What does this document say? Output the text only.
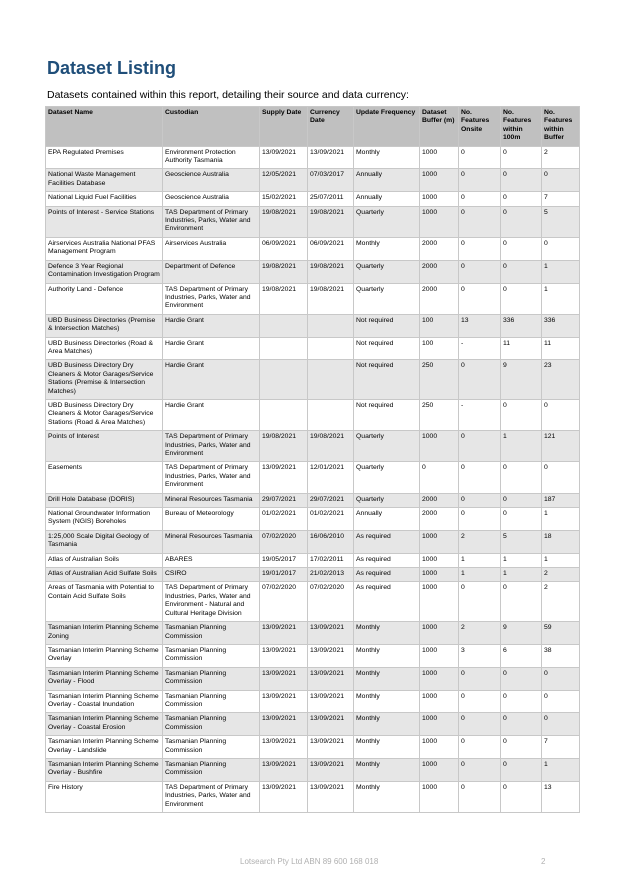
Dataset Listing
Datasets contained within this report, detailing their source and data currency:
Dataset Name	Custodian	Supply Date	Currency Date	Update Frequency	Dataset Buffer (m)	No. Features Onsite	No. Features within 100m	No. Features within Buffer
EPA Regulated Premises	Environment Protection Authority Tasmania	13/09/2021	13/09/2021	Monthly	1000	0	0	2
National Waste Management Facilities Database	Geoscience Australia	12/05/2021	07/03/2017	Annually	1000	0	0	0
National Liquid Fuel Facilities	Geoscience Australia	15/02/2021	25/07/2011	Annually	1000	0	0	7
Points of Interest - Service Stations	TAS Department of Primary Industries, Parks, Water and Environment	19/08/2021	19/08/2021	Quarterly	1000	0	0	5
Airservices Australia National PFAS Management Program	Airservices Australia	06/09/2021	06/09/2021	Monthly	2000	0	0	0
Defence 3 Year Regional Contamination Investigation Program	Department of Defence	19/08/2021	19/08/2021	Quarterly	2000	0	0	1
Authority Land - Defence	TAS Department of Primary Industries, Parks, Water and Environment	19/08/2021	19/08/2021	Quarterly	2000	0	0	1
UBD Business Directories (Premise & Intersection Matches)	Hardie Grant			Not required	100	13	336	336
UBD Business Directories (Road & Area Matches)	Hardie Grant			Not required	100	-	11	11
UBD Business Directory Dry Cleaners & Motor Garages/Service Stations (Premise & Intersection Matches)	Hardie Grant			Not required	250	0	9	23
UBD Business Directory Dry Cleaners & Motor Garages/Service Stations (Road & Area Matches)	Hardie Grant			Not required	250	-	0	0
Points of Interest	TAS Department of Primary Industries, Parks, Water and Environment	19/08/2021	19/08/2021	Quarterly	1000	0	1	121
Easements	TAS Department of Primary Industries, Parks, Water and Environment	13/09/2021	12/01/2021	Quarterly	0	0	0	0
Drill Hole Database (DORIS)	Mineral Resources Tasmania	29/07/2021	29/07/2021	Quarterly	2000	0	0	187
National Groundwater Information System (NGIS) Boreholes	Bureau of Meteorology	01/02/2021	01/02/2021	Annually	2000	0	0	1
1:25,000 Scale Digital Geology of Tasmania	Mineral Resources Tasmania	07/02/2020	16/06/2010	As required	1000	2	5	18
Atlas of Australian Soils	ABARES	19/05/2017	17/02/2011	As required	1000	1	1	1
Atlas of Australian Acid Sulfate Soils	CSIRO	19/01/2017	21/02/2013	As required	1000	1	1	2
Areas of Tasmania with Potential to Contain Acid Sulfate Soils	TAS Department of Primary Industries, Parks, Water and Environment - Natural and Cultural Heritage Division	07/02/2020	07/02/2020	As required	1000	0	0	2
Tasmanian Interim Planning Scheme Zoning	Tasmanian Planning Commission	13/09/2021	13/09/2021	Monthly	1000	2	9	59
Tasmanian Interim Planning Scheme Overlay	Tasmanian Planning Commission	13/09/2021	13/09/2021	Monthly	1000	3	6	38
Tasmanian Interim Planning Scheme Overlay - Flood	Tasmanian Planning Commission	13/09/2021	13/09/2021	Monthly	1000	0	0	0
Tasmanian Interim Planning Scheme Overlay - Coastal Inundation	Tasmanian Planning Commission	13/09/2021	13/09/2021	Monthly	1000	0	0	0
Tasmanian Interim Planning Scheme Overlay - Coastal Erosion	Tasmanian Planning Commission	13/09/2021	13/09/2021	Monthly	1000	0	0	0
Tasmanian Interim Planning Scheme Overlay - Landslide	Tasmanian Planning Commission	13/09/2021	13/09/2021	Monthly	1000	0	0	7
Tasmanian Interim Planning Scheme Overlay - Bushfire	Tasmanian Planning Commission	13/09/2021	13/09/2021	Monthly	1000	0	0	1
Fire History	TAS Department of Primary Industries, Parks, Water and Environment	13/09/2021	13/09/2021	Monthly	1000	0	0	13
Lotsearch Pty Ltd ABN 89 600 168 018	2
